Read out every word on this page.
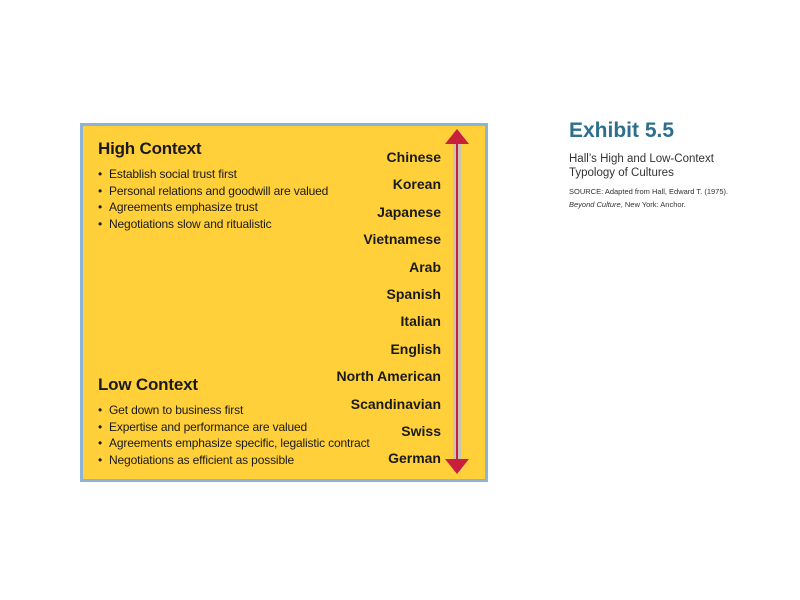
High Context
• Establish social trust first
• Personal relations and goodwill are valued
• Agreements emphasize trust
• Negotiations slow and ritualistic
Low Context
• Get down to business first
• Expertise and performance are valued
• Agreements emphasize specific, legalistic contract
• Negotiations as efficient as possible
Chinese
Korean
Japanese
Vietnamese
Arab
Spanish
Italian
English
North American
Scandinavian
Swiss
German
Exhibit 5.5
Hall’s High and Low-Context Typology of Cultures
SOURCE: Adapted from Hall, Edward T. (1975).
Beyond Culture, New York: Anchor.
